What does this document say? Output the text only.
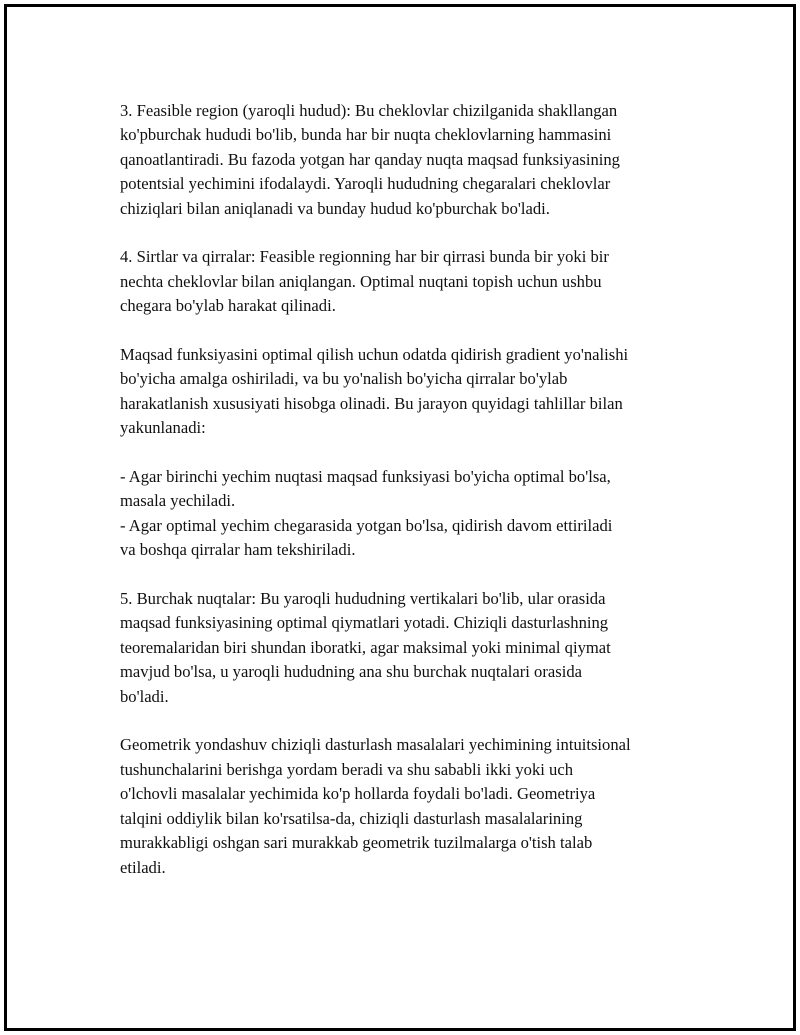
3. Feasible region (yaroqli hudud): Bu cheklovlar chizilganida shakllangan
ko'pburchak hududi bo'lib, bunda har bir nuqta cheklovlarning hammasini
qanoatlantiradi. Bu fazoda yotgan har qanday nuqta maqsad funksiyasining
potentsial yechimini ifodalaydi. Yaroqli hududning chegaralari cheklovlar
chiziqlari bilan aniqlanadi va bunday hudud ko'pburchak bo'ladi.
4. Sirtlar va qirralar: Feasible regionning har bir qirrasi bunda bir yoki bir
nechta cheklovlar bilan aniqlangan. Optimal nuqtani topish uchun ushbu
chegara bo'ylab harakat qilinadi.
Maqsad funksiyasini optimal qilish uchun odatda qidirish gradient yo'nalishi
bo'yicha amalga oshiriladi, va bu yo'nalish bo'yicha qirralar bo'ylab
harakatlanish xususiyati hisobga olinadi. Bu jarayon quyidagi tahlillar bilan
yakunlanadi:
- Agar birinchi yechim nuqtasi maqsad funksiyasi bo'yicha optimal bo'lsa,
masala yechiladi.
- Agar optimal yechim chegarasida yotgan bo'lsa, qidirish davom ettiriladi
va boshqa qirralar ham tekshiriladi.
5. Burchak nuqtalar: Bu yaroqli hududning vertikalari bo'lib, ular orasida
maqsad funksiyasining optimal qiymatlari yotadi. Chiziqli dasturlashning
teoremalaridan biri shundan iboratki, agar maksimal yoki minimal qiymat
mavjud bo'lsa, u yaroqli hududning ana shu burchak nuqtalari orasida
bo'ladi.
Geometrik yondashuv chiziqli dasturlash masalalari yechimining intuitsional
tushunchalarini berishga yordam beradi va shu sababli ikki yoki uch
o'lchovli masalalar yechimida ko'p hollarda foydali bo'ladi. Geometriya
talqini oddiylik bilan ko'rsatilsa-da, chiziqli dasturlash masalalarining
murakkabligi oshgan sari murakkab geometrik tuzilmalarga o'tish talab
etiladi.
